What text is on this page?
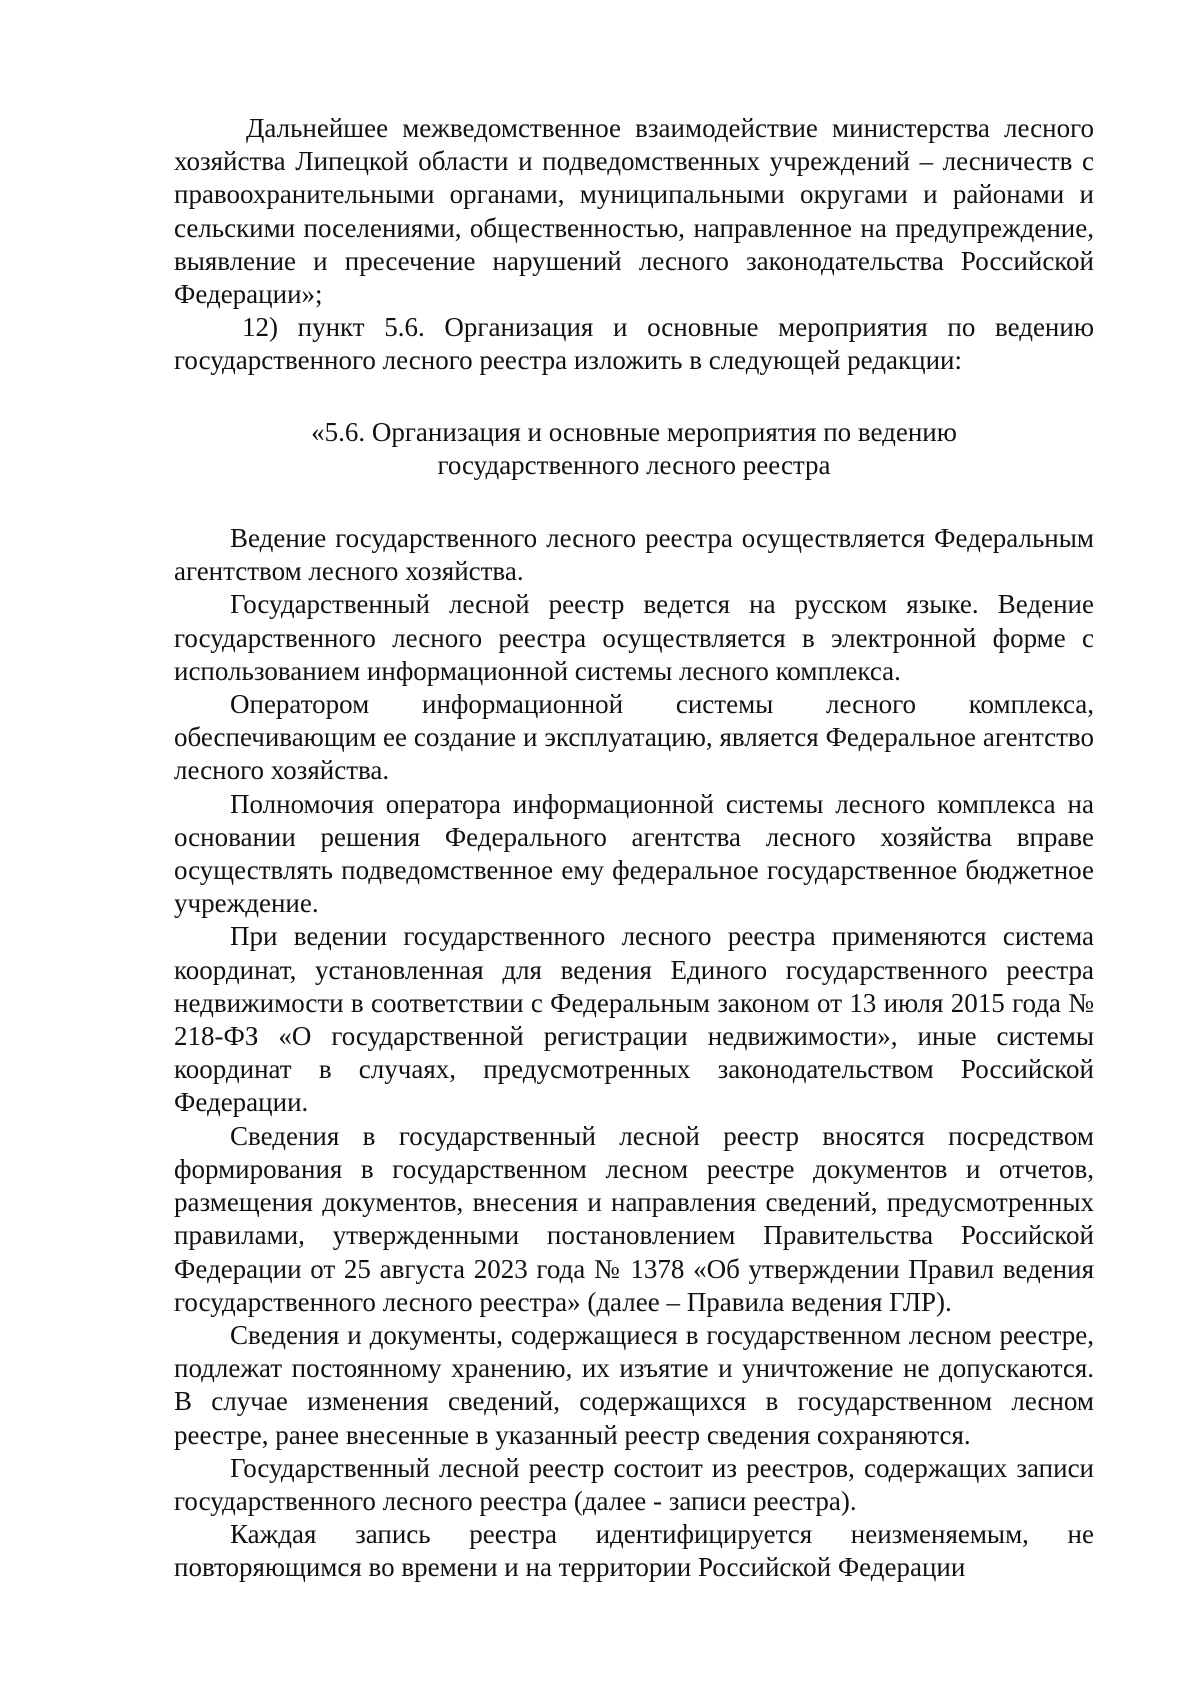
Дальнейшее межведомственное взаимодействие министерства лесного хозяйства Липецкой области и подведомственных учреждений – лесничеств с правоохранительными органами, муниципальными округами и районами и сельскими поселениями, общественностью, направленное на предупреждение, выявление и пресечение нарушений лесного законодательства Российской Федерации»;

12) пункт 5.6. Организация и основные мероприятия по ведению государственного лесного реестра изложить в следующей редакции:

«5.6. Организация и основные мероприятия по ведению
государственного лесного реестра

Ведение государственного лесного реестра осуществляется Федеральным агентством лесного хозяйства.

Государственный лесной реестр ведется на русском языке. Ведение государственного лесного реестра осуществляется в электронной форме с использованием информационной системы лесного комплекса.

Оператором информационной системы лесного комплекса, обеспечивающим ее создание и эксплуатацию, является Федеральное агентство лесного хозяйства.

Полномочия оператора информационной системы лесного комплекса на основании решения Федерального агентства лесного хозяйства вправе осуществлять подведомственное ему федеральное государственное бюджетное учреждение.

При ведении государственного лесного реестра применяются система координат, установленная для ведения Единого государственного реестра недвижимости в соответствии с Федеральным законом от 13 июля 2015 года № 218-ФЗ «О государственной регистрации недвижимости», иные системы координат в случаях, предусмотренных законодательством Российской Федерации.

Сведения в государственный лесной реестр вносятся посредством формирования в государственном лесном реестре документов и отчетов, размещения документов, внесения и направления сведений, предусмотренных правилами, утвержденными постановлением Правительства Российской Федерации от 25 августа 2023 года № 1378 «Об утверждении Правил ведения государственного лесного реестра» (далее – Правила ведения ГЛР).

Сведения и документы, содержащиеся в государственном лесном реестре, подлежат постоянному хранению, их изъятие и уничтожение не допускаются. В случае изменения сведений, содержащихся в государственном лесном реестре, ранее внесенные в указанный реестр сведения сохраняются.

Государственный лесной реестр состоит из реестров, содержащих записи государственного лесного реестра (далее - записи реестра).

Каждая запись реестра идентифицируется неизменяемым, не повторяющимся во времени и на территории Российской Федерации
